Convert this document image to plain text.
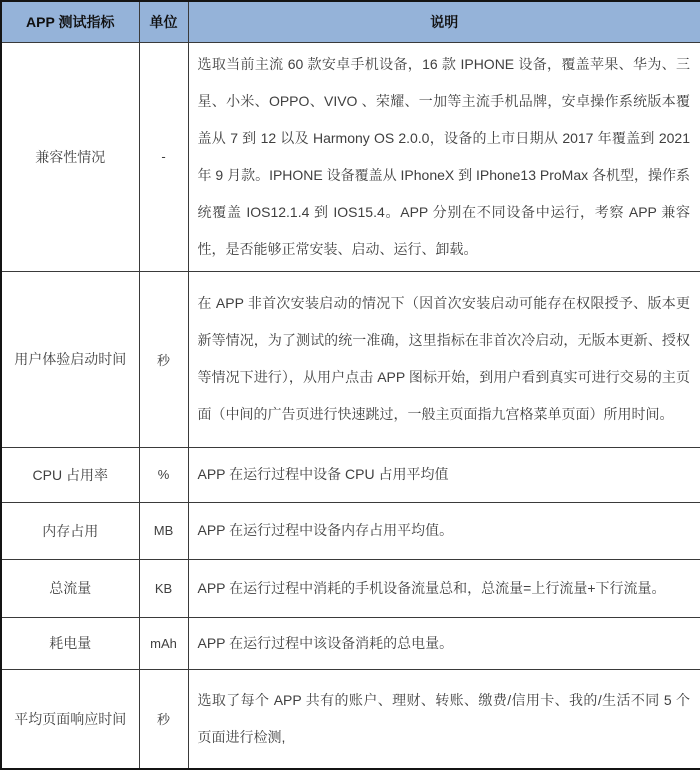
APP 测试指标	单位	说明
兼容性情况	-	选取当前主流 60 款安卓手机设备，16 款 IPHONE 设备，覆盖苹果、华为、三星、小米、OPPO、VIVO 、荣耀、一加等主流手机品牌，安卓操作系统版本覆盖从 7 到 12 以及 Harmony OS 2.0.0，设备的上市日期从 2017 年覆盖到 2021 年 9 月款。IPHONE 设备覆盖从 IPhoneX 到 IPhone13 ProMax 各机型，操作系统覆盖 IOS12.1.4 到 IOS15.4。APP 分别在不同设备中运行，考察 APP 兼容性，是否能够正常安装、启动、运行、卸载。
用户体验启动时间	秒	在 APP 非首次安装启动的情况下（因首次安装启动可能存在权限授予、版本更新等情况，为了测试的统一准确，这里指标在非首次冷启动，无版本更新、授权等情况下进行），从用户点击 APP 图标开始，到用户看到真实可进行交易的主页面（中间的广告页进行快速跳过，一般主页面指九宫格菜单页面）所用时间。
CPU 占用率	%	APP 在运行过程中设备 CPU 占用平均值
内存占用	MB	APP 在运行过程中设备内存占用平均值。
总流量	KB	APP 在运行过程中消耗的手机设备流量总和，总流量=上行流量+下行流量。
耗电量	mAh	APP 在运行过程中该设备消耗的总电量。
平均页面响应时间	秒	选取了每个 APP 共有的账户、理财、转账、缴费/信用卡、我的/生活不同 5 个页面进行检测,
